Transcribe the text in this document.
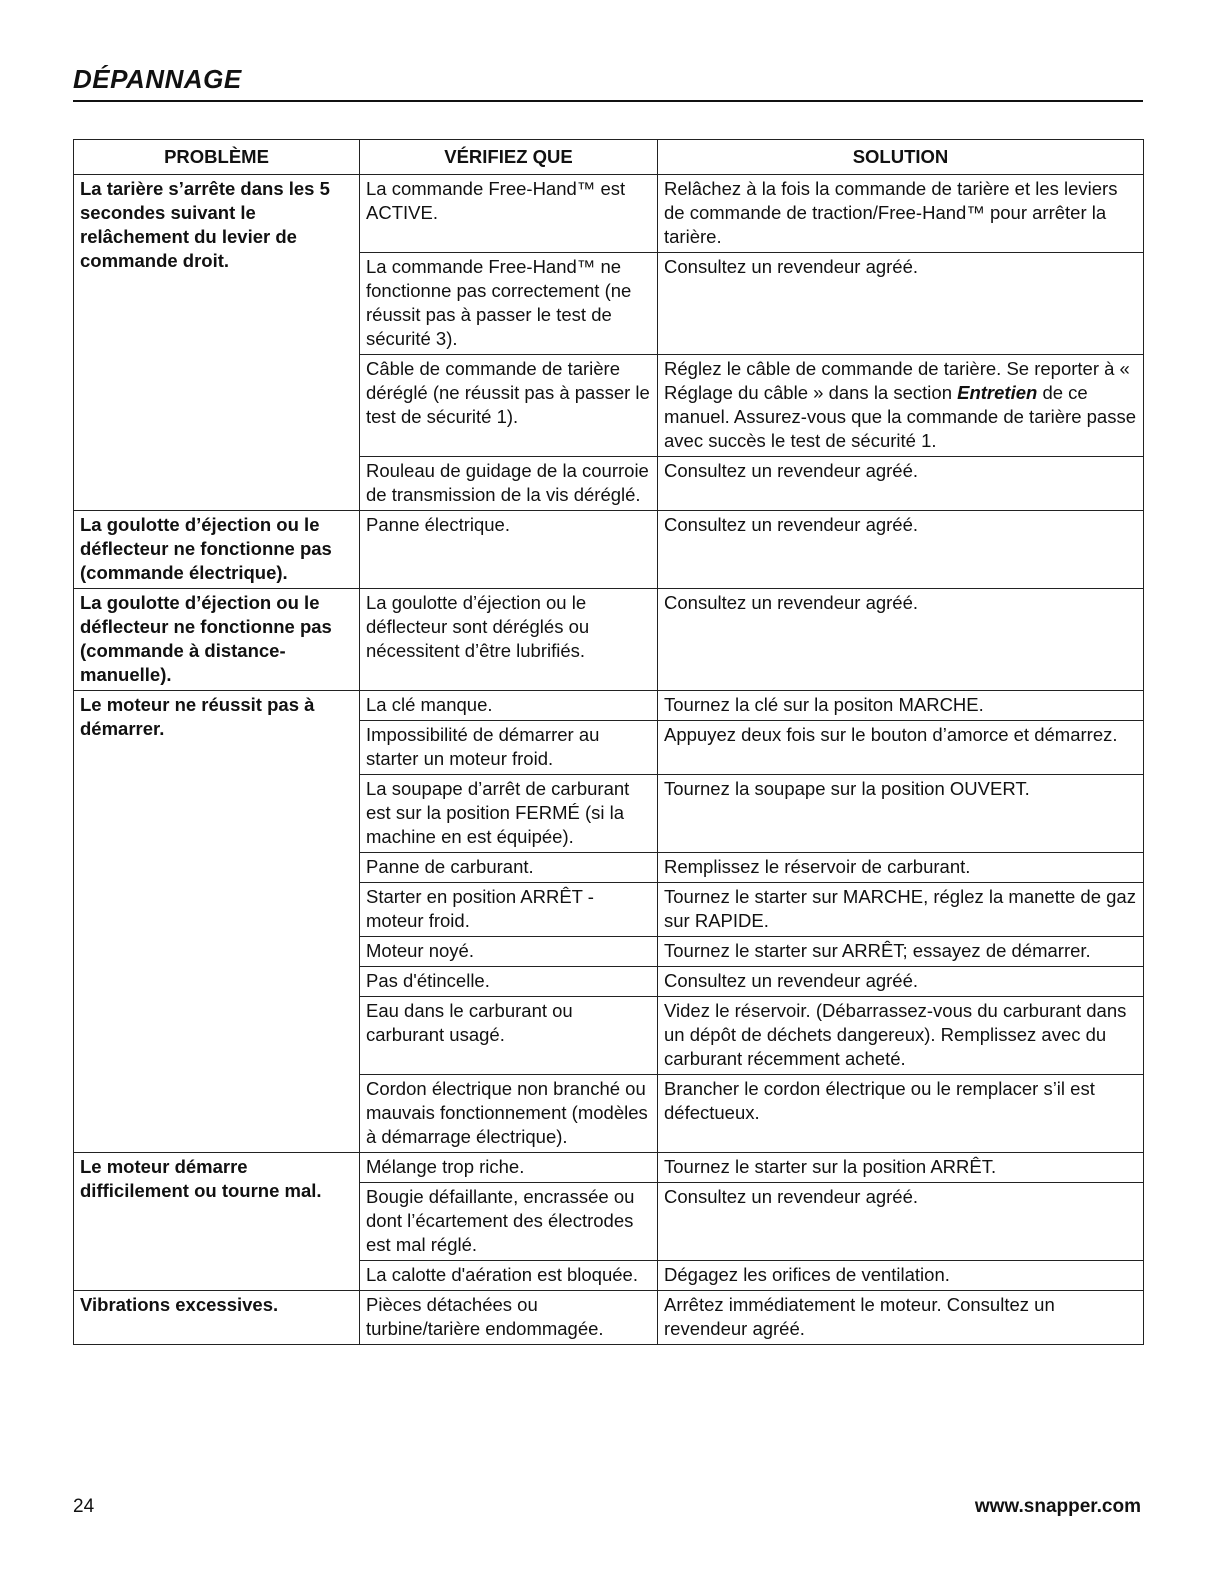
DÉPANNAGE
PROBLÈME	VÉRIFIEZ QUE	SOLUTION
La tarière s’arrête dans les 5 secondes suivant le relâchement du levier de commande droit.	La commande Free-Hand™ est ACTIVE.	Relâchez à la fois la commande de tarière et les leviers de commande de traction/Free-Hand™ pour arrêter la tarière.
	La commande Free-Hand™ ne fonctionne pas correctement (ne réussit pas à passer le test de sécurité 3).	Consultez un revendeur agréé.
	Câble de commande de tarière déréglé (ne réussit pas à passer le test de sécurité 1).	Réglez le câble de commande de tarière. Se reporter à « Réglage du câble » dans la section Entretien de ce manuel. Assurez-vous que la commande de tarière passe avec succès le test de sécurité 1.
	Rouleau de guidage de la courroie de transmission de la vis déréglé.	Consultez un revendeur agréé.
La goulotte d’éjection ou le déflecteur ne fonctionne pas (commande électrique).	Panne électrique.	Consultez un revendeur agréé.
La goulotte d’éjection ou le déflecteur ne fonctionne pas (commande à distance-manuelle).	La goulotte d’éjection ou le déflecteur sont déréglés ou nécessitent d’être lubrifiés.	Consultez un revendeur agréé.
Le moteur ne réussit pas à démarrer.	La clé manque.	Tournez la clé sur la positon MARCHE.
	Impossibilité de démarrer au starter un moteur froid.	Appuyez deux fois sur le bouton d’amorce et démarrez.
	La soupape d’arrêt de carburant est sur la position FERMÉ (si la machine en est équipée).	Tournez la soupape sur la position OUVERT.
	Panne de carburant.	Remplissez le réservoir de carburant.
	Starter en position ARRÊT - moteur froid.	Tournez le starter sur MARCHE, réglez la manette de gaz sur RAPIDE.
	Moteur noyé.	Tournez le starter sur ARRÊT; essayez de démarrer.
	Pas d'étincelle.	Consultez un revendeur agréé.
	Eau dans le carburant ou carburant usagé.	Videz le réservoir. (Débarrassez-vous du carburant dans un dépôt de déchets dangereux). Remplissez avec du carburant récemment acheté.
	Cordon électrique non branché ou mauvais fonctionnement (modèles à démarrage électrique).	Brancher le cordon électrique ou le remplacer s’il est défectueux.
Le moteur démarre difficilement ou tourne mal.	Mélange trop riche.	Tournez le starter sur la position ARRÊT.
	Bougie défaillante, encrassée ou dont l’écartement des électrodes est mal réglé.	Consultez un revendeur agréé.
	La calotte d'aération est bloquée.	Dégagez les orifices de ventilation.
Vibrations excessives.	Pièces détachées ou turbine/tarière endommagée.	Arrêtez immédiatement le moteur. Consultez un revendeur agréé.

24	www.snapper.com
